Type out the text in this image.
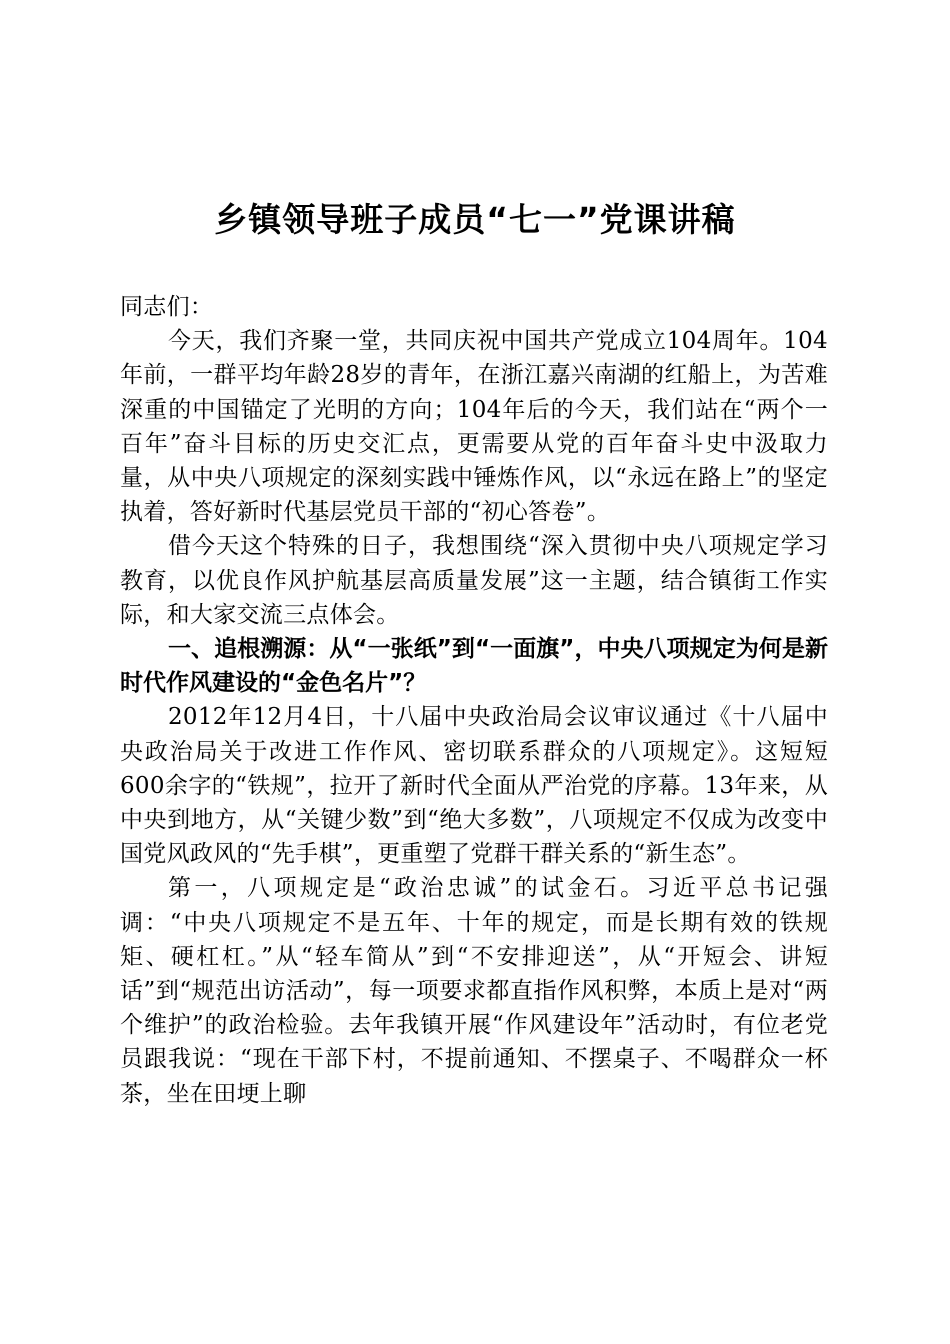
乡镇领导班子成员“七一”党课讲稿

同志们：

今天，我们齐聚一堂，共同庆祝中国共产党成立104周年。104年前，一群平均年龄28岁的青年，在浙江嘉兴南湖的红船上，为苦难深重的中国锚定了光明的方向；104年后的今天，我们站在“两个一百年”奋斗目标的历史交汇点，更需要从党的百年奋斗史中汲取力量，从中央八项规定的深刻实践中锤炼作风，以“永远在路上”的坚定执着，答好新时代基层党员干部的“初心答卷”。

借今天这个特殊的日子，我想围绕“深入贯彻中央八项规定学习教育，以优良作风护航基层高质量发展”这一主题，结合镇街工作实际，和大家交流三点体会。

一、追根溯源：从“一张纸”到“一面旗”，中央八项规定为何是新时代作风建设的“金色名片”？

2012年12月4日，十八届中央政治局会议审议通过《十八届中央政治局关于改进工作作风、密切联系群众的八项规定》。这短短600余字的“铁规”，拉开了新时代全面从严治党的序幕。13年来，从中央到地方，从“关键少数”到“绝大多数”，八项规定不仅成为改变中国党风政风的“先手棋”，更重塑了党群干群关系的“新生态”。

第一，八项规定是“政治忠诚”的试金石。习近平总书记强调：“中央八项规定不是五年、十年的规定，而是长期有效的铁规矩、硬杠杠。”从“轻车简从”到“不安排迎送”，从“开短会、讲短话”到“规范出访活动”，每一项要求都直指作风积弊，本质上是对“两个维护”的政治检验。去年我镇开展“作风建设年”活动时，有位老党员跟我说：“现在干部下村，不提前通知、不摆桌子、不喝群众一杯茶，坐在田埂上聊
